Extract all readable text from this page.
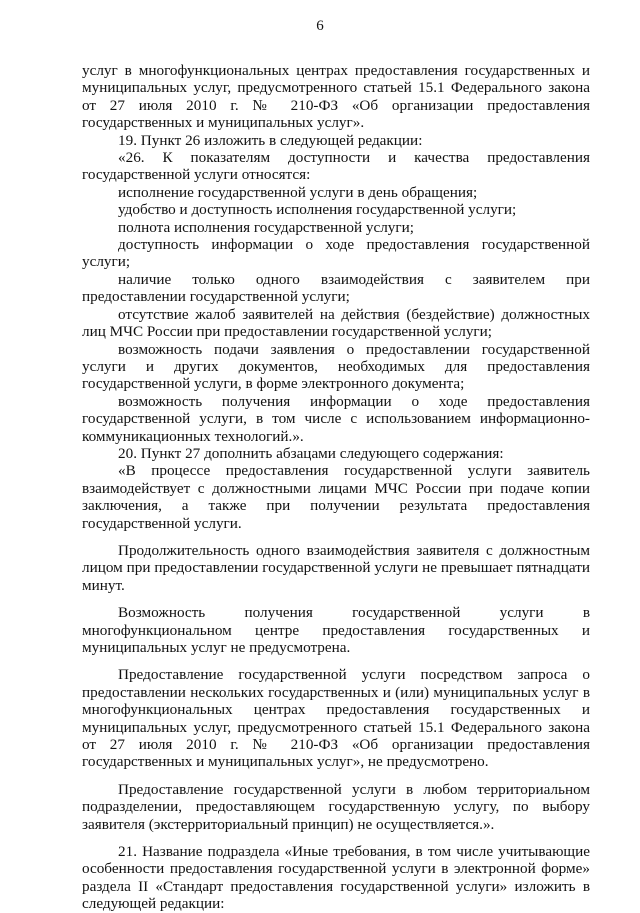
6

услуг в многофункциональных центрах предоставления государственных и муниципальных услуг, предусмотренного статьей 15.1 Федерального закона от 27 июля 2010 г. № 210-ФЗ «Об организации предоставления государственных и муниципальных услуг».

19. Пункт 26 изложить в следующей редакции:

«26. К показателям доступности и качества предоставления государственной услуги относятся:

исполнение государственной услуги в день обращения;

удобство и доступность исполнения государственной услуги;

полнота исполнения государственной услуги;

доступность информации о ходе предоставления государственной услуги;

наличие только одного взаимодействия с заявителем при предоставлении государственной услуги;

отсутствие жалоб заявителей на действия (бездействие) должностных лиц МЧС России при предоставлении государственной услуги;

возможность подачи заявления о предоставлении государственной услуги и других документов, необходимых для предоставления государственной услуги, в форме электронного документа;

возможность получения информации о ходе предоставления государственной услуги, в том числе с использованием информационно-коммуникационных технологий.».

20. Пункт 27 дополнить абзацами следующего содержания:

«В процессе предоставления государственной услуги заявитель взаимодействует с должностными лицами МЧС России при подаче копии заключения, а также при получении результата предоставления государственной услуги.

Продолжительность одного взаимодействия заявителя с должностным лицом при предоставлении государственной услуги не превышает пятнадцати минут.

Возможность получения государственной услуги в многофункциональном центре предоставления государственных и муниципальных услуг не предусмотрена.

Предоставление государственной услуги посредством запроса о предоставлении нескольких государственных и (или) муниципальных услуг в многофункциональных центрах предоставления государственных и муниципальных услуг, предусмотренного статьей 15.1 Федерального закона от 27 июля 2010 г. № 210-ФЗ «Об организации предоставления государственных и муниципальных услуг», не предусмотрено.

Предоставление государственной услуги в любом территориальном подразделении, предоставляющем государственную услугу, по выбору заявителя (экстерриториальный принцип) не осуществляется.».

21. Название подраздела «Иные требования, в том числе учитывающие особенности предоставления государственной услуги в электронной форме» раздела II «Стандарт предоставления государственной услуги» изложить в следующей редакции:
